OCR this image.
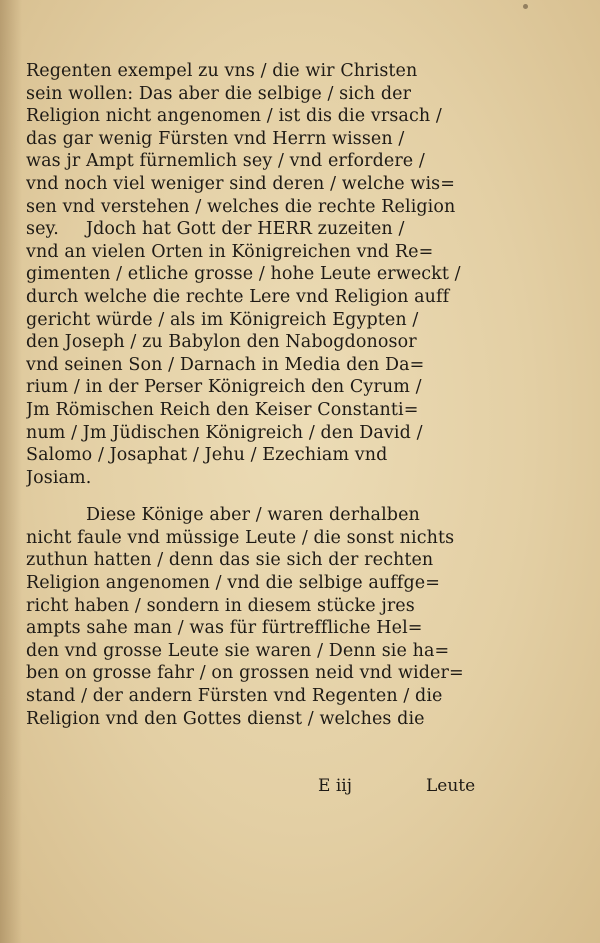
Regenten exempel zu vns / die wir Christen
sein wollen: Das aber die selbige / sich der
Religion nicht angenomen / ist dis die vrsach /
das gar wenig Fürsten vnd Herrn wissen /
was jr Ampt fürnemlich sey / vnd erfordere /
vnd noch viel weniger sind deren / welche wis=
sen vnd verstehen / welches die rechte Religion
sey.	Jdoch hat Gott der HERR zuzeiten /
vnd an vielen Orten in Königreichen vnd Re=
gimenten / etliche grosse / hohe Leute erweckt /
durch welche die rechte Lere vnd Religion auff
gericht würde / als im Königreich Egypten /
den Joseph / zu Babylon den Nabogdonosor
vnd seinen Son / Darnach in Media den Da=
rium / in der Perser Königreich den Cyrum /
Jm Römischen Reich den Keiser Constanti=
num / Jm Jüdischen Königreich / den David /
Salomo / Josaphat / Jehu / Ezechiam vnd
Josiam.
Diese Könige aber / waren derhalben
nicht faule vnd müssige Leute / die sonst nichts
zuthun hatten / denn das sie sich der rechten
Religion angenomen / vnd die selbige auffge=
richt haben / sondern in diesem stücke jres
ampts sahe man / was für fürtreffliche Hel=
den vnd grosse Leute sie waren / Denn sie ha=
ben on grosse fahr / on grossen neid vnd wider=
stand / der andern Fürsten vnd Regenten / die
Religion vnd den Gottes dienst / welches die
E iij	Leute
